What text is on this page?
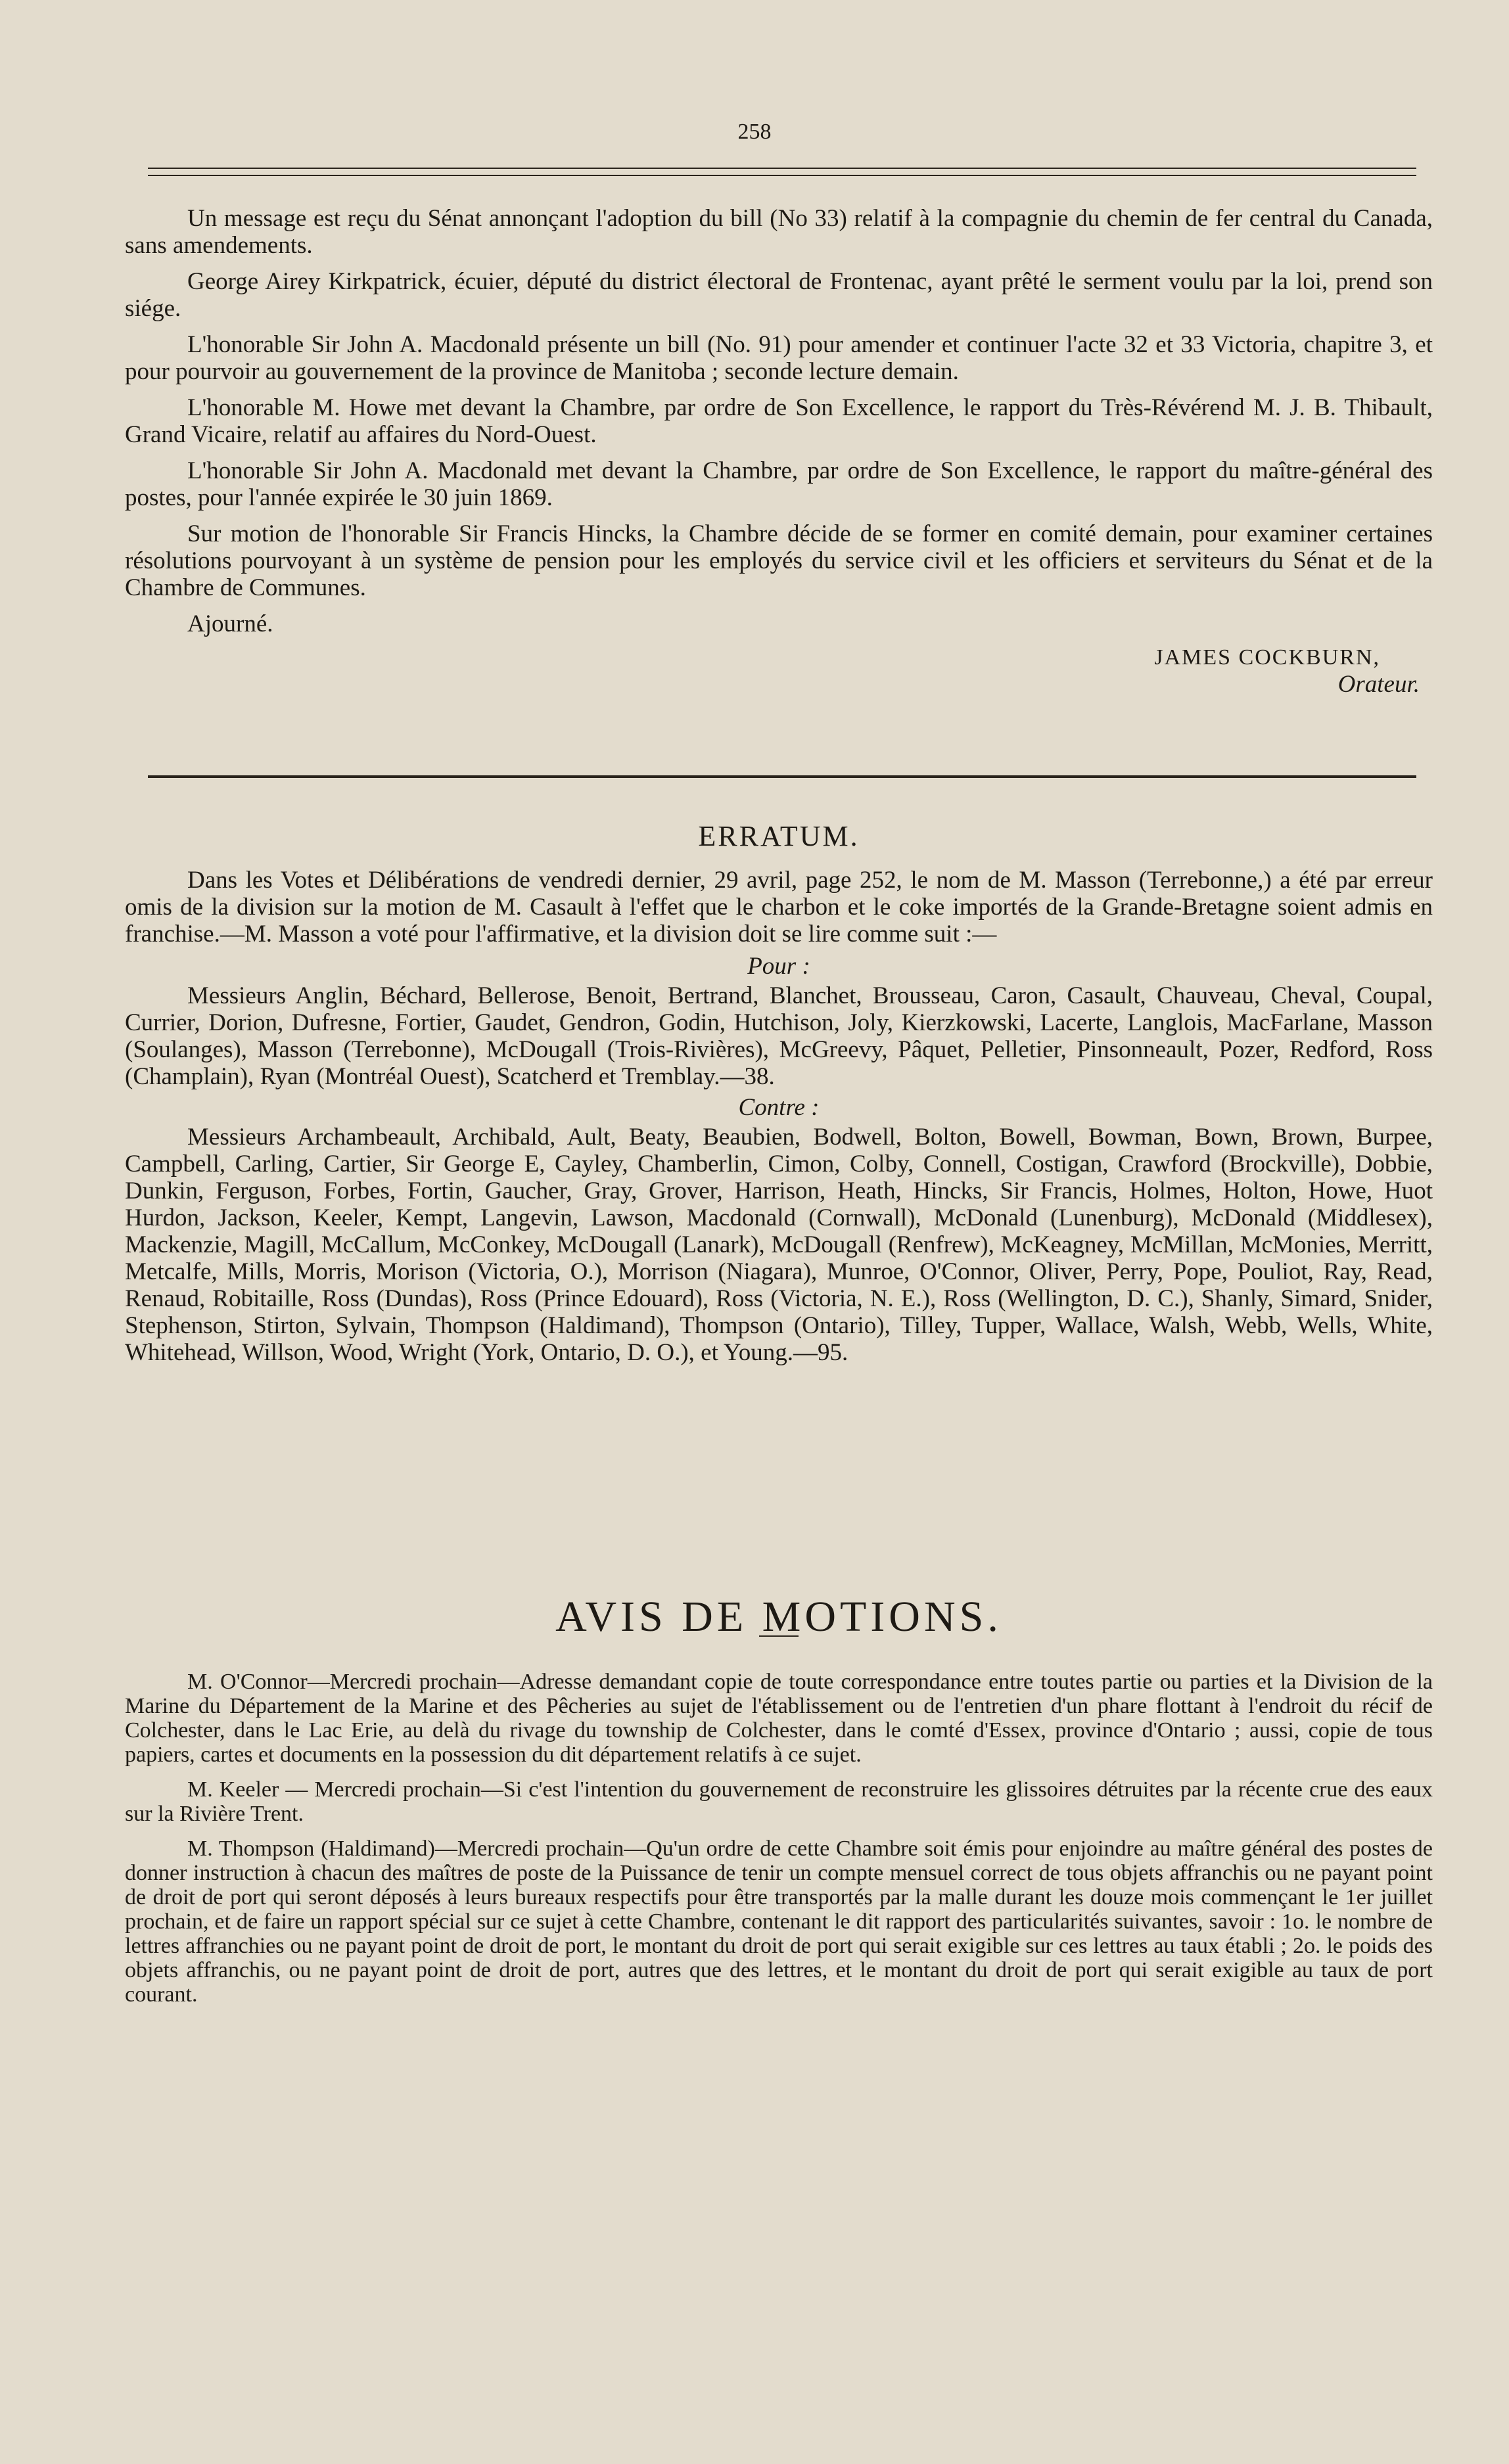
258

Un message est reçu du Sénat annonçant l'adoption du bill (No 33) relatif à la compagnie du chemin de fer central du Canada, sans amendements.

George Airey Kirkpatrick, écuier, député du district électoral de Frontenac, ayant prêté le serment voulu par la loi, prend son siége.

L'honorable Sir John A. Macdonald présente un bill (No. 91) pour amender et continuer l'acte 32 et 33 Victoria, chapitre 3, et pour pourvoir au gouvernement de la province de Manitoba ; seconde lecture demain.

L'honorable M. Howe met devant la Chambre, par ordre de Son Excellence, le rapport du Très-Révérend M. J. B. Thibault, Grand Vicaire, relatif au affaires du Nord-Ouest.

L'honorable Sir John A. Macdonald met devant la Chambre, par ordre de Son Excellence, le rapport du maître-général des postes, pour l'année expirée le 30 juin 1869.

Sur motion de l'honorable Sir Francis Hincks, la Chambre décide de se former en comité demain, pour examiner certaines résolutions pourvoyant à un système de pension pour les employés du service civil et les officiers et serviteurs du Sénat et de la Chambre de Communes.

Ajourné.

JAMES COCKBURN,

Orateur.

ERRATUM.

Dans les Votes et Délibérations de vendredi dernier, 29 avril, page 252, le nom de M. Masson (Terrebonne,) a été par erreur omis de la division sur la motion de M. Casault à l'effet que le charbon et le coke importés de la Grande-Bretagne soient admis en franchise.—M. Masson a voté pour l'affirmative, et la division doit se lire comme suit :—

Pour :

Messieurs Anglin, Béchard, Bellerose, Benoit, Bertrand, Blanchet, Brousseau, Caron, Casault, Chauveau, Cheval, Coupal, Currier, Dorion, Dufresne, Fortier, Gaudet, Gendron, Godin, Hutchison, Joly, Kierzkowski, Lacerte, Langlois, MacFarlane, Masson (Soulanges), Masson (Terrebonne), McDougall (Trois-Rivières), McGreevy, Pâquet, Pelletier, Pinsonneault, Pozer, Redford, Ross (Champlain), Ryan (Montréal Ouest), Scatcherd et Tremblay.—38.

Contre :

Messieurs Archambeault, Archibald, Ault, Beaty, Beaubien, Bodwell, Bolton, Bowell, Bowman, Bown, Brown, Burpee, Campbell, Carling, Cartier, Sir George E, Cayley, Chamberlin, Cimon, Colby, Connell, Costigan, Crawford (Brockville), Dobbie, Dunkin, Ferguson, Forbes, Fortin, Gaucher, Gray, Grover, Harrison, Heath, Hincks, Sir Francis, Holmes, Holton, Howe, Huot Hurdon, Jackson, Keeler, Kempt, Langevin, Lawson, Macdonald (Cornwall), McDonald (Lunenburg), McDonald (Middlesex), Mackenzie, Magill, McCallum, McConkey, McDougall (Lanark), McDougall (Renfrew), McKeagney, McMillan, McMonies, Merritt, Metcalfe, Mills, Morris, Morison (Victoria, O.), Morrison (Niagara), Munroe, O'Connor, Oliver, Perry, Pope, Pouliot, Ray, Read, Renaud, Robitaille, Ross (Dundas), Ross (Prince Edouard), Ross (Victoria, N. E.), Ross (Wellington, D. C.), Shanly, Simard, Snider, Stephenson, Stirton, Sylvain, Thompson (Haldimand), Thompson (Ontario), Tilley, Tupper, Wallace, Walsh, Webb, Wells, White, Whitehead, Willson, Wood, Wright (York, Ontario, D. O.), et Young.—95.

AVIS DE MOTIONS.

M. O'Connor—Mercredi prochain—Adresse demandant copie de toute correspondance entre toutes partie ou parties et la Division de la Marine du Département de la Marine et des Pêcheries au sujet de l'établissement ou de l'entretien d'un phare flottant à l'endroit du récif de Colchester, dans le Lac Erie, au delà du rivage du township de Colchester, dans le comté d'Essex, province d'Ontario ; aussi, copie de tous papiers, cartes et documents en la possession du dit département relatifs à ce sujet.

M. Keeler — Mercredi prochain—Si c'est l'intention du gouvernement de reconstruire les glissoires détruites par la récente crue des eaux sur la Rivière Trent.

M. Thompson (Haldimand)—Mercredi prochain—Qu'un ordre de cette Chambre soit émis pour enjoindre au maître général des postes de donner instruction à chacun des maîtres de poste de la Puissance de tenir un compte mensuel correct de tous objets affranchis ou ne payant point de droit de port qui seront déposés à leurs bureaux respectifs pour être transportés par la malle durant les douze mois commençant le 1er juillet prochain, et de faire un rapport spécial sur ce sujet à cette Chambre, contenant le dit rapport des particularités suivantes, savoir : 1o. le nombre de lettres affranchies ou ne payant point de droit de port, le montant du droit de port qui serait exigible sur ces lettres au taux établi ; 2o. le poids des objets affranchis, ou ne payant point de droit de port, autres que des lettres, et le montant du droit de port qui serait exigible au taux de port courant.
